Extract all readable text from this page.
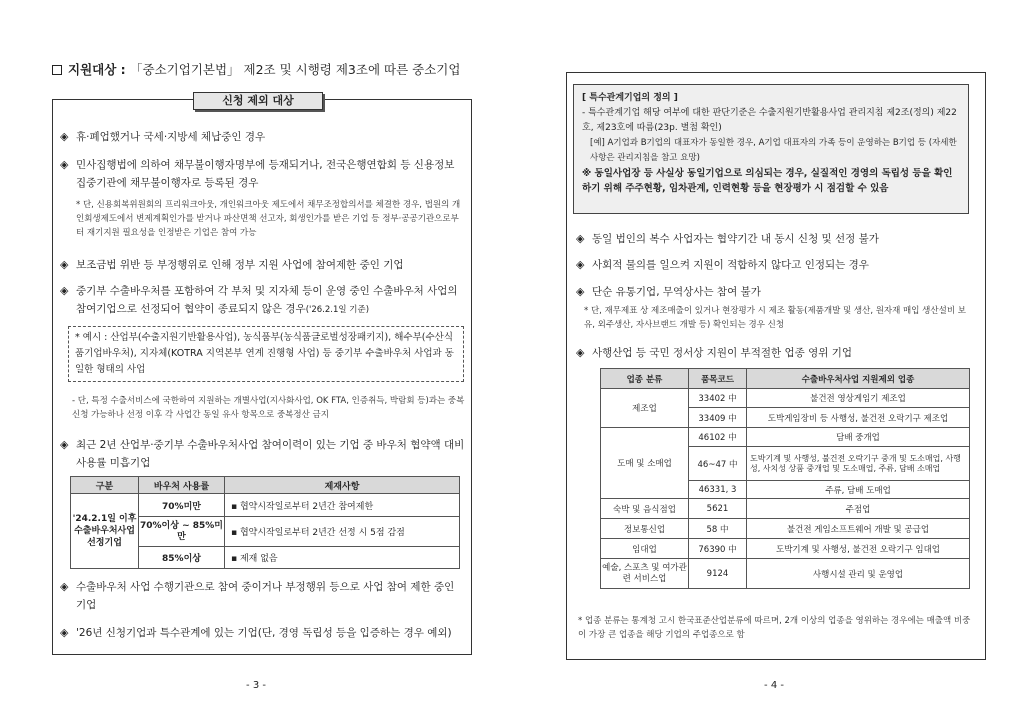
지원대상 : 「중소기업기본법」 제2조 및 시행령 제3조에 따른 중소기업
신청 제외 대상
◈ 휴·폐업했거나 국세·지방세 체납중인 경우
◈ 민사집행법에 의하여 채무불이행자명부에 등재되거나, 전국은행연합회 등 신용정보 집중기관에 채무불이행자로 등록된 경우
* 단, 신용회복위원회의 프리워크아웃, 개인워크아웃 제도에서 채무조정합의서를 체결한 경우, 법원의 개인회생제도에서 변제계획인가를 받거나 파산면책 선고자, 회생인가를 받은 기업 등 정부·공공기관으로부터 재기지원 필요성을 인정받은 기업은 참여 가능
◈ 보조금법 위반 등 부정행위로 인해 정부 지원 사업에 참여제한 중인 기업
◈ 중기부 수출바우처를 포함하여 각 부처 및 지자체 등이 운영 중인 수출바우처 사업의 참여기업으로 선정되어 협약이 종료되지 않은 경우('26.2.1일 기준)
* 예시 : 산업부(수출지원기반활용사업), 농식품부(농식품글로벌성장패키지), 해수부(수산식품기업바우처), 지자체(KOTRA 지역본부 연계 진행형 사업) 등 중기부 수출바우처 사업과 동일한 형태의 사업
- 단, 특정 수출서비스에 국한하여 지원하는 개별사업(지사화사업, OK FTA, 인증취득, 박람회 등)과는 중복신청 가능하나 선정 이후 각 사업간 동일 유사 항목으로 중복정산 금지
◈ 최근 2년 산업부·중기부 수출바우처사업 참여이력이 있는 기업 중 바우처 협약액 대비 사용률 미흡기업
구분	바우처 사용률	제재사항
'24.2.1일 이후 수출바우처사업 선정기업	70%미만	▪ 협약시작일로부터 2년간 참여제한
	70%이상 ~ 85%미만	▪ 협약시작일로부터 2년간 선정 시 5점 감점
	85%이상	▪ 제재 없음
◈ 수출바우처 사업 수행기관으로 참여 중이거나 부정행위 등으로 사업 참여 제한 중인 기업
◈ '26년 신청기업과 특수관계에 있는 기업(단, 경영 독립성 등을 입증하는 경우 예외)
- 3 -	- 4 -
[ 특수관계기업의 정의 ]
- 특수관계기업 해당 여부에 대한 판단기준은 수출지원기반활용사업 관리지침 제2조(정의) 제22호, 제23호에 따름(23p. 별첨 확인)
[예] A기업과 B기업의 대표자가 동일한 경우, A기업 대표자의 가족 등이 운영하는 B기업 등 (자세한 사항은 관리지침을 참고 요망)
※ 동일사업장 등 사실상 동일기업으로 의심되는 경우, 실질적인 경영의 독립성 등을 확인하기 위해 주주현황, 임차관계, 인력현황 등을 현장평가 시 점검할 수 있음
◈ 동일 법인의 복수 사업자는 협약기간 내 동시 신청 및 선정 불가
◈ 사회적 물의를 일으켜 지원이 적합하지 않다고 인정되는 경우
◈ 단순 유통기업, 무역상사는 참여 불가
* 단, 재무제표 상 제조매출이 있거나 현장평가 시 제조 활동(제품개발 및 생산, 원자재 매입 생산설비 보유, 외주생산, 자사브랜드 개발 등) 확인되는 경우 신청
◈ 사행산업 등 국민 정서상 지원이 부적절한 업종 영위 기업
업종 분류	품목코드	수출바우처사업 지원제외 업종
제조업	33402 中	불건전 영상게임기 제조업
	33409 中	도박게임장비 등 사행성, 불건전 오락기구 제조업
도매 및 소매업	46102 中	담배 중개업
	46~47 中	도박기계 및 사행성, 불건전 오락기구 중개 및 도소매업, 사행성, 사치성 상품 중개업 및 도소매업, 주류, 담배 소매업
	46331, 3	주류, 담배 도매업
숙박 및 음식점업	5621	주점업
정보통신업	58 中	불건전 게임소프트웨어 개발 및 공급업
임대업	76390 中	도박기계 및 사행성, 불건전 오락기구 임대업
예술, 스포츠 및 여가관련 서비스업	9124	사행시설 관리 및 운영업
* 업종 분류는 통계청 고시 한국표준산업분류에 따르며, 2개 이상의 업종을 영위하는 경우에는 매출액 비중이 가장 큰 업종을 해당 기업의 주업종으로 함
